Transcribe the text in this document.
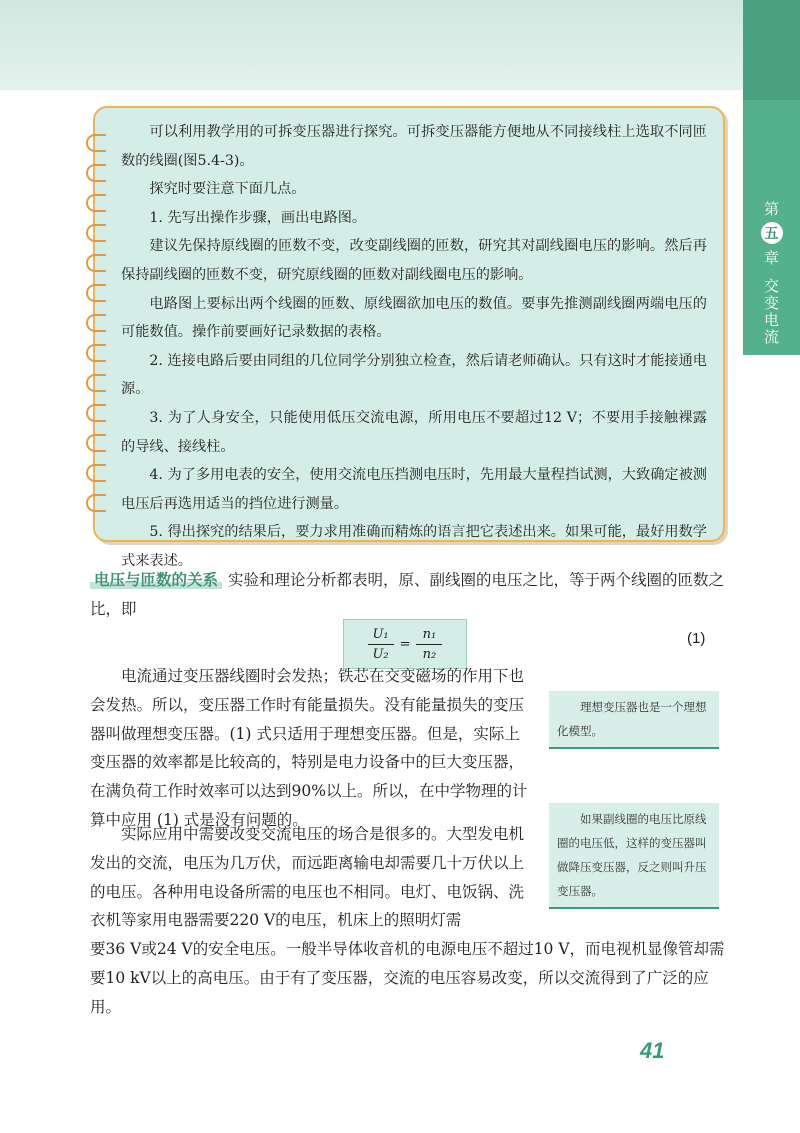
第
五
章
交变电流

可以利用教学用的可拆变压器进行探究。可拆变压器能方便地从不同接线柱上选取不同匝数的线圈(图5.4-3)。

探究时要注意下面几点。

1. 先写出操作步骤，画出电路图。

建议先保持原线圈的匝数不变，改变副线圈的匝数，研究其对副线圈电压的影响。然后再保持副线圈的匝数不变，研究原线圈的匝数对副线圈电压的影响。

电路图上要标出两个线圈的匝数、原线圈欲加电压的数值。要事先推测副线圈两端电压的可能数值。操作前要画好记录数据的表格。

2. 连接电路后要由同组的几位同学分别独立检查，然后请老师确认。只有这时才能接通电源。

3. 为了人身安全，只能使用低压交流电源，所用电压不要超过12 V；不要用手接触裸露的导线、接线柱。

4. 为了多用电表的安全，使用交流电压挡测电压时，先用最大量程挡试测，大致确定被测电压后再选用适当的挡位进行测量。

5. 得出探究的结果后，要力求用准确而精炼的语言把它表述出来。如果可能，最好用数学式来表述。

电压与匝数的关系 实验和理论分析都表明，原、副线圈的电压之比，等于两个线圈的匝数之比，即
$\frac{\text{U₁}}{\text{U₂}} = \frac{\text{n₁}}{\text{n₂}}$	(1)
电流通过变压器线圈时会发热；铁芯在交变磁场的作用下也会发热。所以，变压器工作时有能量损失。没有能量损失的变压器叫做理想变压器。(1) 式只适用于理想变压器。但是，实际上变压器的效率都是比较高的，特别是电力设备中的巨大变压器，在满负荷工作时效率可以达到90%以上。所以，在中学物理的计算中应用 (1) 式是没有问题的。
实际应用中需要改变交流电压的场合是很多的。大型发电机发出的交流，电压为几万伏，而远距离输电却需要几十万伏以上的电压。各种用电设备所需的电压也不相同。电灯、电饭锅、洗衣机等家用电器需要220 V的电压，机床上的照明灯需
要36 V或24 V的安全电压。一般半导体收音机的电源电压不超过10 V，而电视机显像管却需要10 kV以上的高电压。由于有了变压器，交流的电压容易改变，所以交流得到了广泛的应用。

理想变压器也是一个理想化模型。

如果副线圈的电压比原线圈的电压低，这样的变压器叫做降压变压器，反之则叫升压变压器。

41
